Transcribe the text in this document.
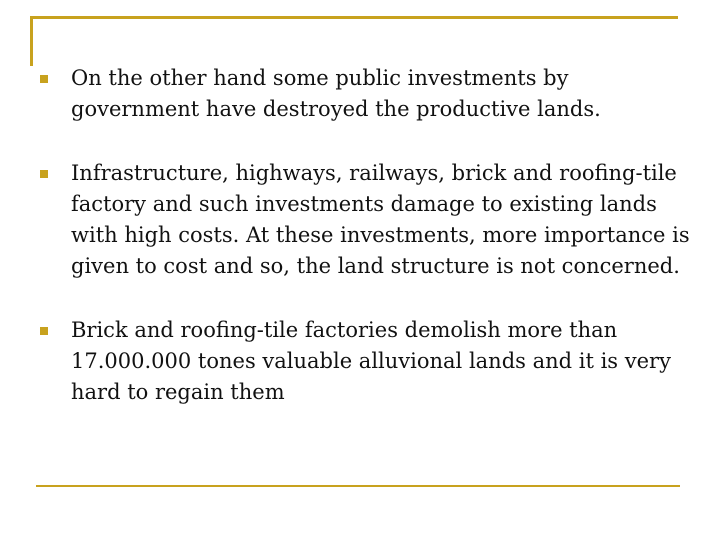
On the other hand some public investments by government have destroyed the productive lands.
Infrastructure, highways, railways, brick and roofing-tile factory and such investments damage to existing lands with high costs. At these investments, more importance is given to cost and so, the land structure is not concerned.
Brick and roofing-tile factories demolish more than 17.000.000 tones valuable alluvional lands and it is very hard to regain them
